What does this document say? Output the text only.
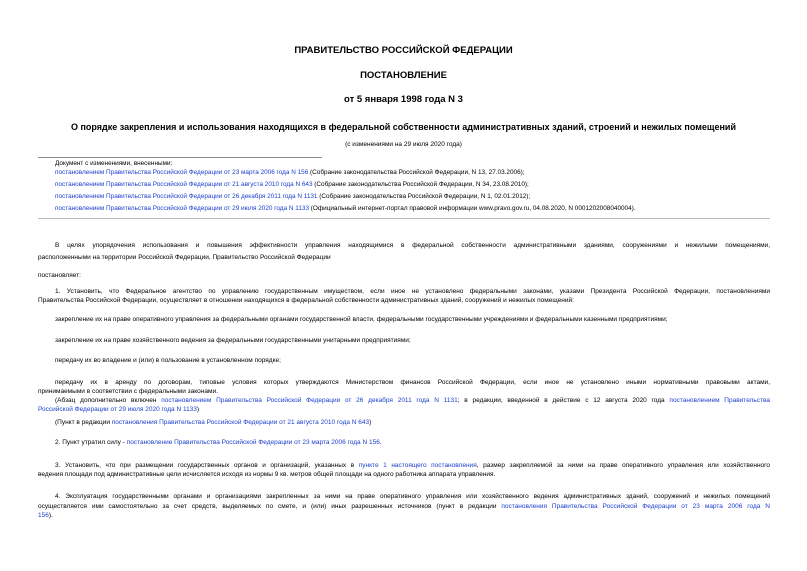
ПРАВИТЕЛЬСТВО РОССИЙСКОЙ ФЕДЕРАЦИИ
ПОСТАНОВЛЕНИЕ
от 5 января 1998 года N 3
О порядке закрепления и использования находящихся в федеральной собственности административных зданий, строений и нежилых помещений
(с изменениями на 29 июля 2020 года)
Документ с изменениями, внесенными:
постановлением Правительства Российской Федерации от 23 марта 2006 года N 156 (Собрание законодательства Российской Федерации, N 13, 27.03.2006);
постановлением Правительства Российской Федерации от 21 августа 2010 года N 643 (Собрание законодательства Российской Федерации, N 34, 23.08.2010);
постановлением Правительства Российской Федерации от 26 декабря 2011 года N 1131 (Собрание законодательства Российской Федерации, N 1, 02.01.2012);
постановлением Правительства Российской Федерации от 29 июля 2020 года N 1133 (Официальный интернет-портал правовой информации www.pravo.gov.ru, 04.08.2020, N 0001202008040004).
В целях упорядочения использования и повышения эффективности управления находящимися в федеральной собственности административными зданиями, сооружениями и нежилыми помещениями,
расположенными на территории Российской Федерации, Правительство Российской Федерации
постановляет:
1. Установить, что Федеральное агентство по управлению государственным имуществом, если иное не установлено федеральными законами, указами Президента Российской Федерации, постановлениями
Правительства Российской Федерации, осуществляет в отношении находящихся в федеральной собственности административных зданий, сооружений и нежилых помещений:
закрепление их на праве оперативного управления за федеральными органами государственной власти, федеральными государственными учреждениями и федеральными казенными предприятиями;
закрепление их на праве хозяйственного ведения за федеральными государственными унитарными предприятиями;
передачу их во владение и (или) в пользование в установленном порядке;
передачу их в аренду по договорам, типовые условия которых утверждаются Министерством финансов Российской Федерации, если иное не установлено иными нормативными правовыми актами,
принимаемыми в соответствии с федеральными законами.
(Абзац дополнительно включен постановлением Правительства Российской Федерации от 26 декабря 2011 года N 1131; в редакции, введенной в действие с 12 августа 2020 года постановлением Правительства
Российской Федерации от 29 июля 2020 года N 1133)
(Пункт в редакции постановления Правительства Российской Федерации от 21 августа 2010 года N 643)
2. Пункт утратил силу - постановление Правительства Российской Федерации от 23 марта 2006 года N 156.
3. Установить, что при размещении государственных органов и организаций, указанных в пункте 1 настоящего постановления, размер закрепляемой за ними на праве оперативного управления или хозяйственного
ведения площади под административные цели исчисляется исходя из нормы 9 кв. метров общей площади на одного работника аппарата управления.
4. Эксплуатация государственными органами и организациями закрепленных за ними на праве оперативного управления или хозяйственного ведения административных зданий, сооружений и нежилых помещений
осуществляется ими самостоятельно за счет средств, выделяемых по смете, и (или) иных разрешенных источников (пункт в редакции постановления Правительства Российской Федерации от 23 марта 2006 года N
156).
